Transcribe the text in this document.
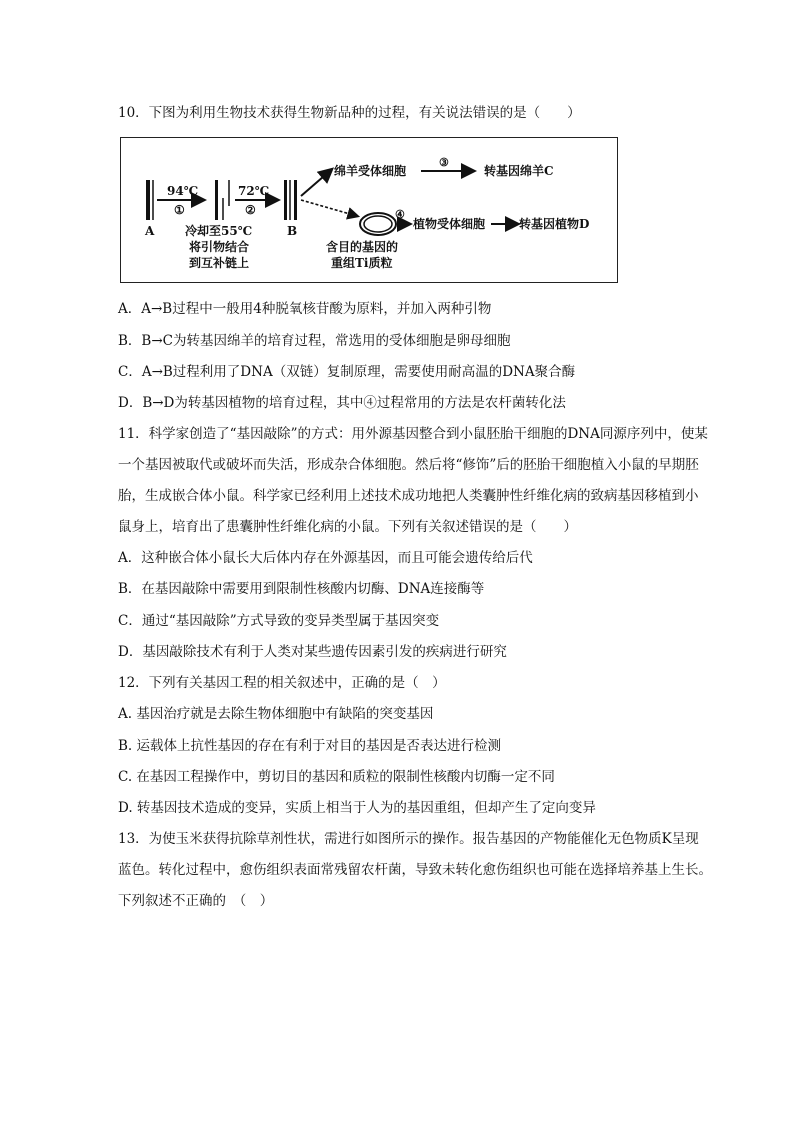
10．下图为利用生物技术获得生物新品种的过程，有关说法错误的是（　　）
A
94℃
①
72℃
②
B
冷却至55℃
将引物结合
到互补链上
绵羊受体细胞
③
转基因绵羊C
含目的基因的
重组Ti质粒
④
植物受体细胞	转基因植物D
A．A→B过程中一般用4种脱氧核苷酸为原料，并加入两种引物
B．B→C为转基因绵羊的培育过程，常选用的受体细胞是卵母细胞
C．A→B过程利用了DNA（双链）复制原理，需要使用耐高温的DNA聚合酶
D．B→D为转基因植物的培育过程，其中④过程常用的方法是农杆菌转化法
11．科学家创造了“基因敲除”的方式：用外源基因整合到小鼠胚胎干细胞的DNA同源序列中，使某
一个基因被取代或破坏而失活，形成杂合体细胞。然后将“修饰”后的胚胎干细胞植入小鼠的早期胚
胎，生成嵌合体小鼠。科学家已经利用上述技术成功地把人类囊肿性纤维化病的致病基因移植到小
鼠身上，培育出了患囊肿性纤维化病的小鼠。下列有关叙述错误的是（　　）
A．这种嵌合体小鼠长大后体内存在外源基因，而且可能会遗传给后代
B．在基因敲除中需要用到限制性核酸内切酶、DNA连接酶等
C．通过“基因敲除”方式导致的变异类型属于基因突变
D．基因敲除技术有利于人类对某些遗传因素引发的疾病进行研究
12．下列有关基因工程的相关叙述中，正确的是（　）
A. 基因治疗就是去除生物体细胞中有缺陷的突变基因
B. 运载体上抗性基因的存在有利于对目的基因是否表达进行检测
C. 在基因工程操作中，剪切目的基因和质粒的限制性核酸内切酶一定不同
D. 转基因技术造成的变异，实质上相当于人为的基因重组，但却产生了定向变异
13．为使玉米获得抗除草剂性状，需进行如图所示的操作。报告基因的产物能催化无色物质K呈现
蓝色。转化过程中，愈伤组织表面常残留农杆菌，导致未转化愈伤组织也可能在选择培养基上生长。
下列叙述不正确的　（　）
